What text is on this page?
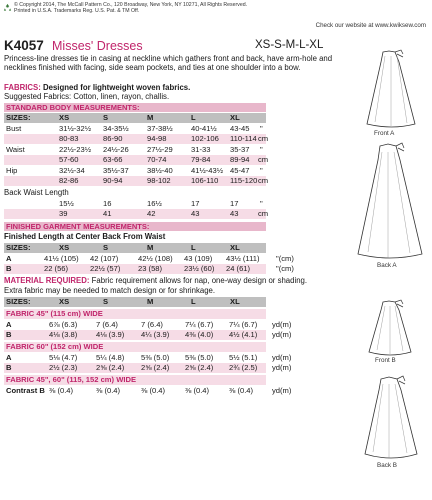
© Copyright 2014, The McCall Pattern Co., 120 Broadway, New York, NY 10271, All Rights Reserved.
Printed in U.S.A. Trademarks Reg. U.S. Pat. & TM Off.
Check our website at www.kwiksew.com
K4057 Misses' Dresses	XS-S-M-L-XL
Princess-line dresses tie in casing at neckline which gathers front and back, have arm-hole and necklines finished with facing, side seam pockets, and ties at one shoulder into a bow.
FABRICS: Designed for lightweight woven fabrics.
Suggested Fabrics: Cotton, linen, rayon, challis.
STANDARD BODY MEASUREMENTS:
SIZES:	XS	S	M	L	XL
Bust	31½-32½ 34-35½ 37-38½ 40-41½ 43-45 "
80-83	86-90	94-98	102-106 110-114 cm
Waist	22½-23½ 24½-26 27½-29 31-33	35-37 "
57-60	63-66	70-74	79-84	89-94 cm
Hip	32½-34 35½-37 38½-40 41½-43½ 45-47 "
82-86	90-94	98-102	106-110 115-120 cm
Back Waist Length
15½	16	16½	17	17	"
39	41	42	43	43	cm
FINISHED GARMENT MEASUREMENTS:
Finished Length at Center Back From Waist
SIZES:	XS	S	M	L	XL
A	41½ (105) 42 (107)	42½ (108) 43 (109) 43½ (111) "(cm)
B	22 (56)	22½ (57) 23 (58)	23½ (60) 24 (61)	"(cm)
MATERIAL REQUIRED: Fabric requirement allows for nap, one-way design or shading.
Extra fabric may be needed to match design or for shrinkage.
SIZES:	XS	S	M	L	XL
FABRIC 45" (115 cm) WIDE
A	6⅞ (6.3) 7 (6.4)	7 (6.4)	7¼ (6.7) 7¼ (6.7) yd(m)
B	4⅛ (3.8) 4⅛ (3.9) 4¼ (3.9) 4⅜ (4.0) 4½ (4.1) yd(m)
FABRIC 60" (152 cm) WIDE
A	5⅛ (4.7) 5¼ (4.8) 5⅜ (5.0) 5⅜ (5.0) 5½ (5.1) yd(m)
B	2½ (2.3) 2⅝ (2.4) 2⅝ (2.4) 2⅝ (2.4) 2¾ (2.5) yd(m)
FABRIC 45", 60" (115, 152 cm) WIDE
Contrast B ⅜ (0.4)	⅜ (0.4)	⅜ (0.4)	⅜ (0.4)	⅜ (0.4) yd(m)
Front A
Back A
Front B
Back B
